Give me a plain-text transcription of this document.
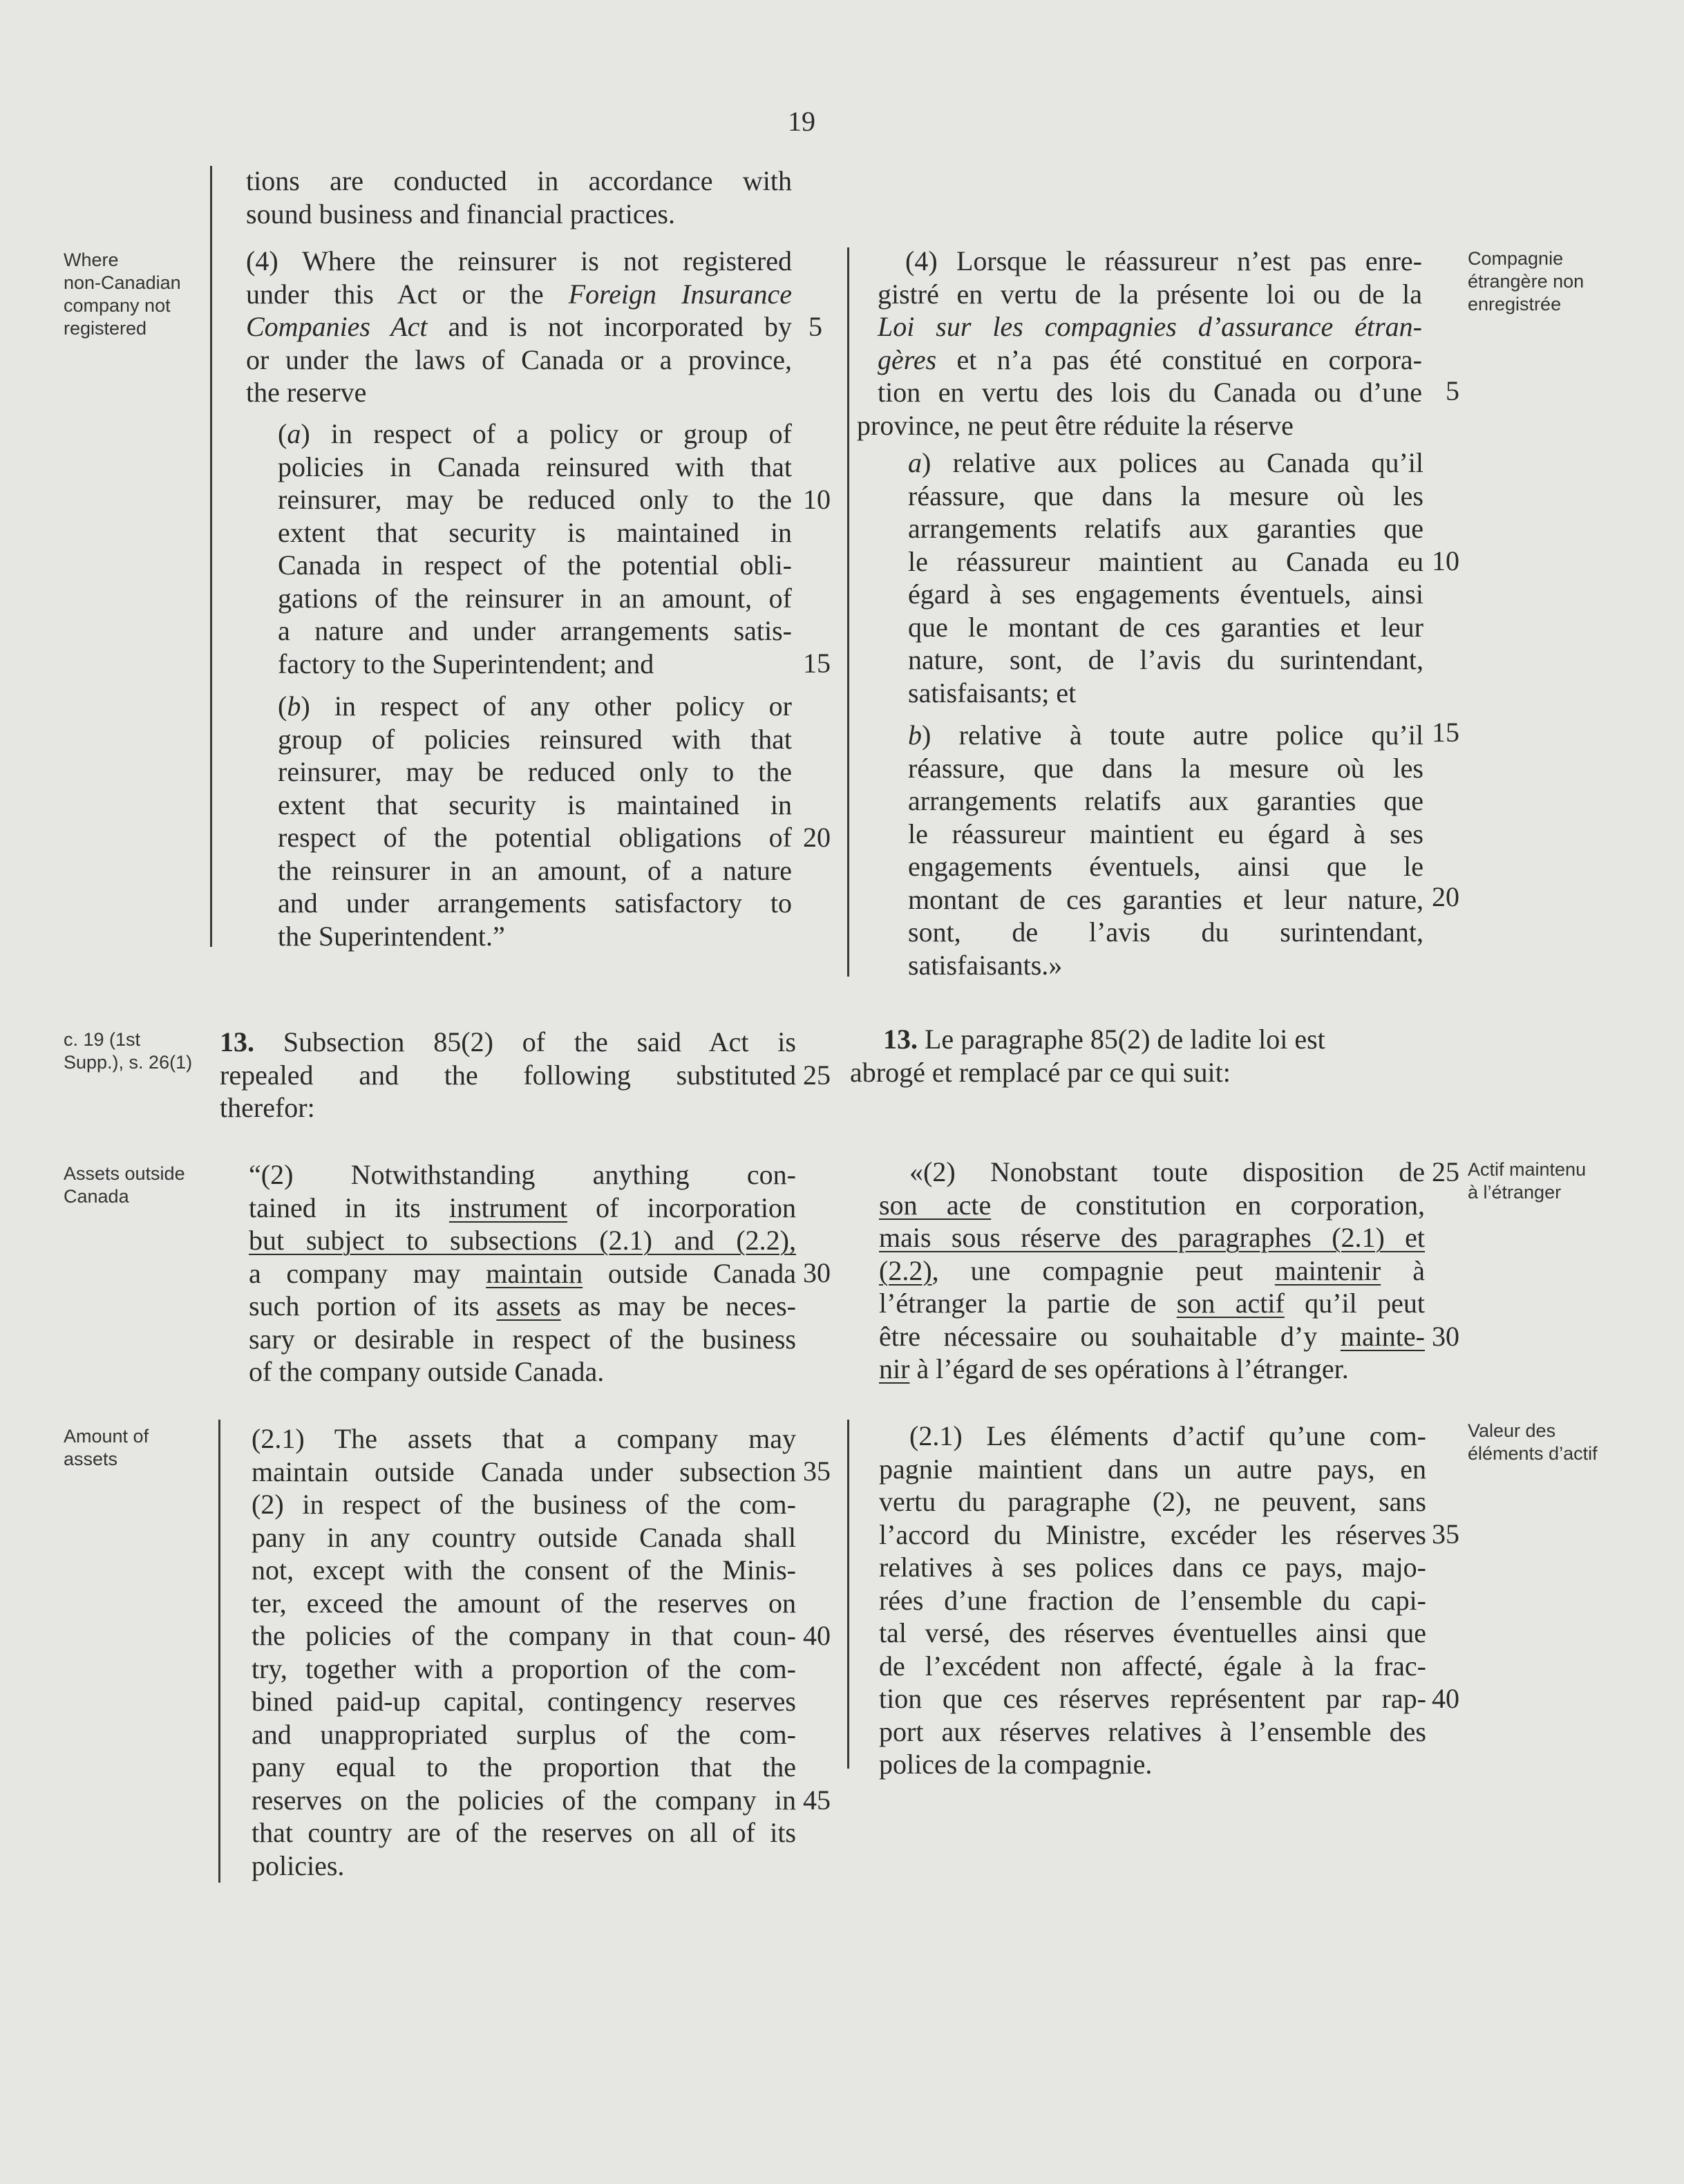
19
Where
non-Canadian
company not
registered
c. 19 (1st
Supp.), s. 26(1)
Assets outside
Canada
Amount of
assets
Compagnie
étrangère non
enregistrée
Actif maintenu
à l’étranger
Valeur des
éléments d’actif
tions are conducted in accordance with
sound business and financial practices.
(4) Where the reinsurer is not registered
under this Act or the Foreign Insurance
Companies Act and is not incorporated by
or under the laws of Canada or a province,
the reserve
(a) in respect of a policy or group of
policies in Canada reinsured with that
reinsurer, may be reduced only to the
extent that security is maintained in
Canada in respect of the potential obli-
gations of the reinsurer in an amount, of
a nature and under arrangements satis-
factory to the Superintendent; and
(b) in respect of any other policy or
group of policies reinsured with that
reinsurer, may be reduced only to the
extent that security is maintained in
respect of the potential obligations of
the reinsurer in an amount, of a nature
and under arrangements satisfactory to
the Superintendent.”
13. Subsection 85(2) of the said Act is
repealed and the following substituted
therefor:
“(2) Notwithstanding anything con-
tained in its instrument of incorporation
but subject to subsections (2.1) and (2.2),
a company may maintain outside Canada
such portion of its assets as may be neces-
sary or desirable in respect of the business
of the company outside Canada.
(2.1) The assets that a company may
maintain outside Canada under subsection
(2) in respect of the business of the com-
pany in any country outside Canada shall
not, except with the consent of the Minis-
ter, exceed the amount of the reserves on
the policies of the company in that coun-
try, together with a proportion of the com-
bined paid-up capital, contingency reserves
and unappropriated surplus of the com-
pany equal to the proportion that the
reserves on the policies of the company in
that country are of the reserves on all of its
policies.
5
10
15
20
25
30
35
40
45
(4) Lorsque le réassureur n’est pas enre-
gistré en vertu de la présente loi ou de la
Loi sur les compagnies d’assurance étran-
gères et n’a pas été constitué en corpora-
tion en vertu des lois du Canada ou d’une
province, ne peut être réduite la réserve
a) relative aux polices au Canada qu’il
réassure, que dans la mesure où les
arrangements relatifs aux garanties que
le réassureur maintient au Canada eu
égard à ses engagements éventuels, ainsi
que le montant de ces garanties et leur
nature, sont, de l’avis du surintendant,
satisfaisants; et
b) relative à toute autre police qu’il
réassure, que dans la mesure où les
arrangements relatifs aux garanties que
le réassureur maintient eu égard à ses
engagements éventuels, ainsi que le
montant de ces garanties et leur nature,
sont, de l’avis du surintendant,
satisfaisants.»
13. Le paragraphe 85(2) de ladite loi est
abrogé et remplacé par ce qui suit:
«(2) Nonobstant toute disposition de
son acte de constitution en corporation,
mais sous réserve des paragraphes (2.1) et
(2.2), une compagnie peut maintenir à
l’étranger la partie de son actif qu’il peut
être nécessaire ou souhaitable d’y mainte-
nir à l’égard de ses opérations à l’étranger.
(2.1) Les éléments d’actif qu’une com-
pagnie maintient dans un autre pays, en
vertu du paragraphe (2), ne peuvent, sans
l’accord du Ministre, excéder les réserves
relatives à ses polices dans ce pays, majo-
rées d’une fraction de l’ensemble du capi-
tal versé, des réserves éventuelles ainsi que
de l’excédent non affecté, égale à la frac-
tion que ces réserves représentent par rap-
port aux réserves relatives à l’ensemble des
polices de la compagnie.
5
10
15
20
25
30
35
40
